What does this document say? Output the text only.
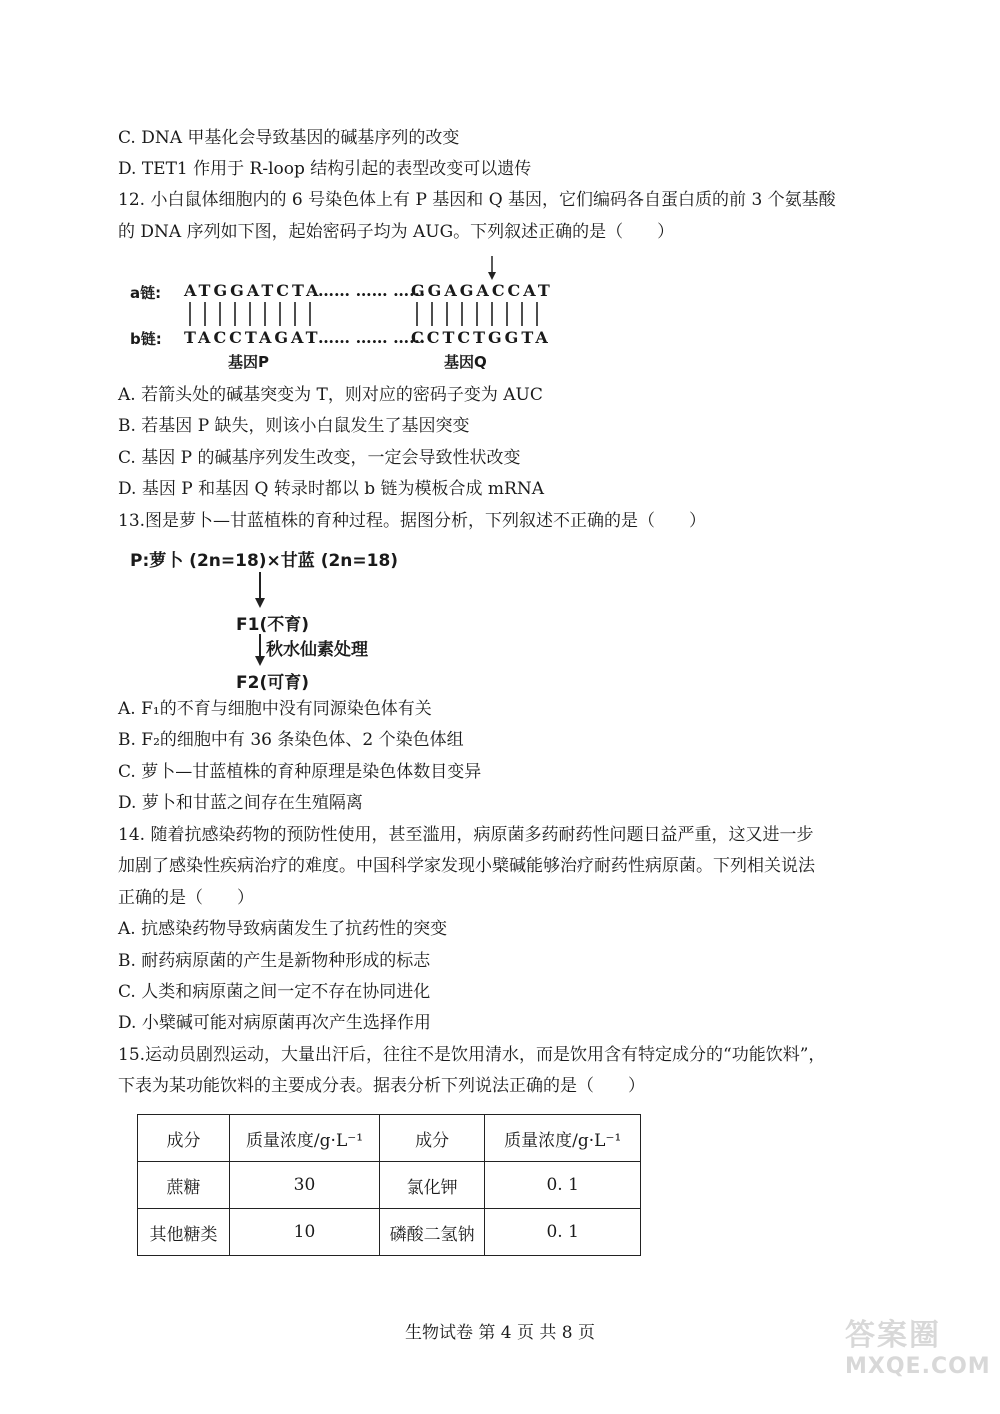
C. DNA 甲基化会导致基因的碱基序列的改变
D. TET1 作用于 R-loop 结构引起的表型改变可以遗传
12. 小白鼠体细胞内的 6 号染色体上有 P 基因和 Q 基因，它们编码各自蛋白质的前 3 个氨基酸
的 DNA 序列如下图，起始密码子均为 AUG。下列叙述正确的是（　　）
a链:
b链:
ATGGATCTA
TACCTAGAT
…… …… ……
…… …… ……
GGAGACCAT
CCTCTGGTA
基因P	基因Q
A. 若箭头处的碱基突变为 T，则对应的密码子变为 AUC
B. 若基因 P 缺失，则该小白鼠发生了基因突变
C. 基因 P 的碱基序列发生改变，一定会导致性状改变
D. 基因 P 和基因 Q 转录时都以 b 链为模板合成 mRNA
13.图是萝卜—甘蓝植株的育种过程。据图分析，下列叙述不正确的是（　　）
P:萝卜 (2n=18)×甘蓝 (2n=18)
F1(不育)
秋水仙素处理
F2(可育)
A. F₁的不育与细胞中没有同源染色体有关
B. F₂的细胞中有 36 条染色体、2 个染色体组
C. 萝卜—甘蓝植株的育种原理是染色体数目变异
D. 萝卜和甘蓝之间存在生殖隔离
14. 随着抗感染药物的预防性使用，甚至滥用，病原菌多药耐药性问题日益严重，这又进一步
加剧了感染性疾病治疗的难度。中国科学家发现小檗碱能够治疗耐药性病原菌。下列相关说法
正确的是（　　）
A. 抗感染药物导致病菌发生了抗药性的突变
B. 耐药病原菌的产生是新物种形成的标志
C. 人类和病原菌之间一定不存在协同进化
D. 小檗碱可能对病原菌再次产生选择作用
15.运动员剧烈运动，大量出汗后，往往不是饮用清水，而是饮用含有特定成分的“功能饮料”，
下表为某功能饮料的主要成分表。据表分析下列说法正确的是（　　）
成分	质量浓度/g·L⁻¹	成分	质量浓度/g·L⁻¹
蔗糖	30	氯化钾	0. 1
其他糖类	10	磷酸二氢钠	0. 1
生物试卷 第 4 页 共 8 页	答案圈
MXQE.COM
